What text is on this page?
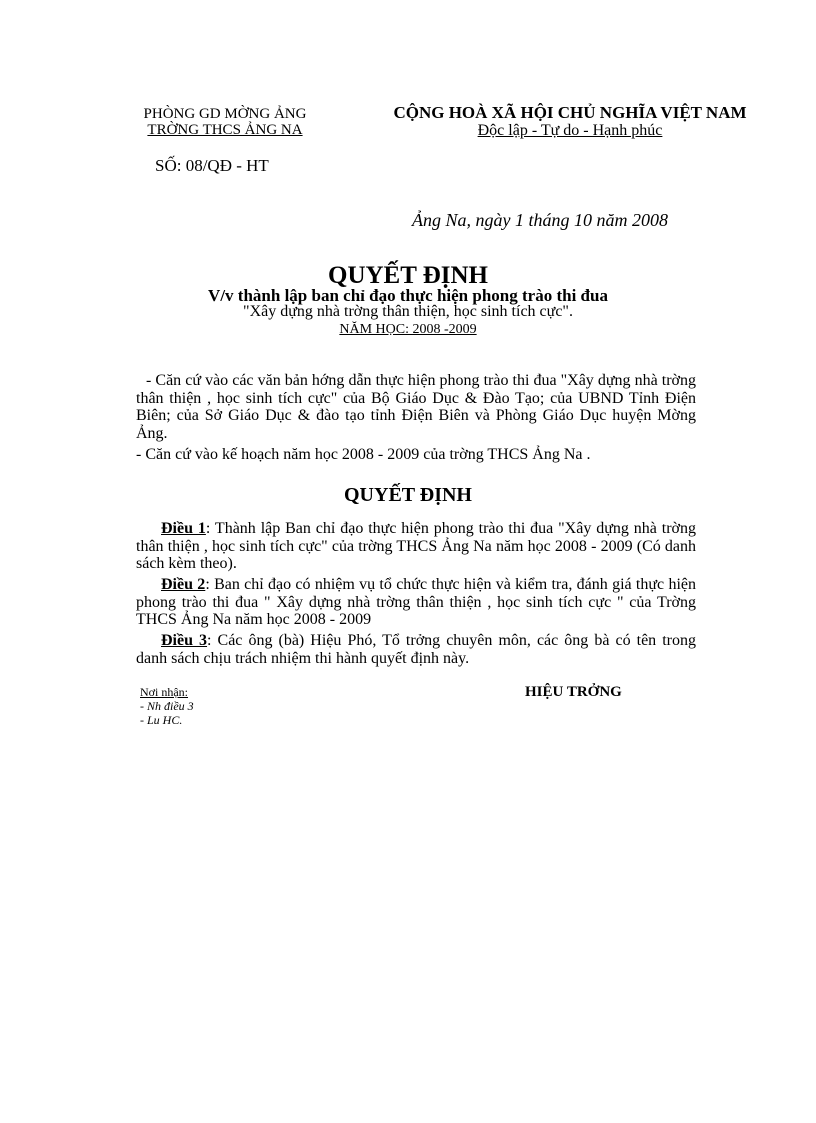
PHÒNG GD MỜNG ẢNG
TRỜNG THCS ẢNG NA
CỘNG HOÀ XÃ HỘI CHỦ NGHĨA VIỆT NAM
Độc lập - Tự do - Hạnh phúc
SỐ: 08/QĐ - HT
Ảng Na, ngày 1 tháng 10 năm 2008
QUYẾT ĐỊNH
V/v thành lập ban chỉ đạo thực hiện phong trào thi đua
"Xây dựng nhà trờng thân thiện, học sinh tích cực".
NĂM HỌC: 2008 -2009
- Căn cứ vào các văn bản hớng dẫn thực hiện phong trào thi đua "Xây dựng nhà trờng thân thiện , học sinh tích cực" của Bộ Giáo Dục & Đào Tạo; của UBND Tỉnh Điện Biên; của Sở Giáo Dục & đào tạo tỉnh Điện Biên và Phòng Giáo Dục huyện Mờng Ảng.
- Căn cứ vào kế hoạch năm học 2008 - 2009 của trờng THCS Ảng Na .
QUYẾT ĐỊNH
Điều 1: Thành lập Ban chỉ đạo thực hiện phong trào thi đua "Xây dựng nhà trờng thân thiện , học sinh tích cực" của trờng THCS Ảng Na năm học 2008 - 2009 (Có danh sách kèm theo).
Điều 2: Ban chỉ đạo có nhiệm vụ tổ chức thực hiện và kiểm tra, đánh giá thực hiện phong trào thi đua " Xây dựng nhà trờng thân thiện , học sinh tích cực " của Trờng THCS Ảng Na năm học 2008 - 2009
Điều 3: Các ông (bà) Hiệu Phó, Tổ trởng chuyên môn, các ông bà có tên trong danh sách chịu trách nhiệm thi hành quyết định này.
Nơi nhận:
- Nh điều 3
- Lu HC.
HIỆU TRỞNG
